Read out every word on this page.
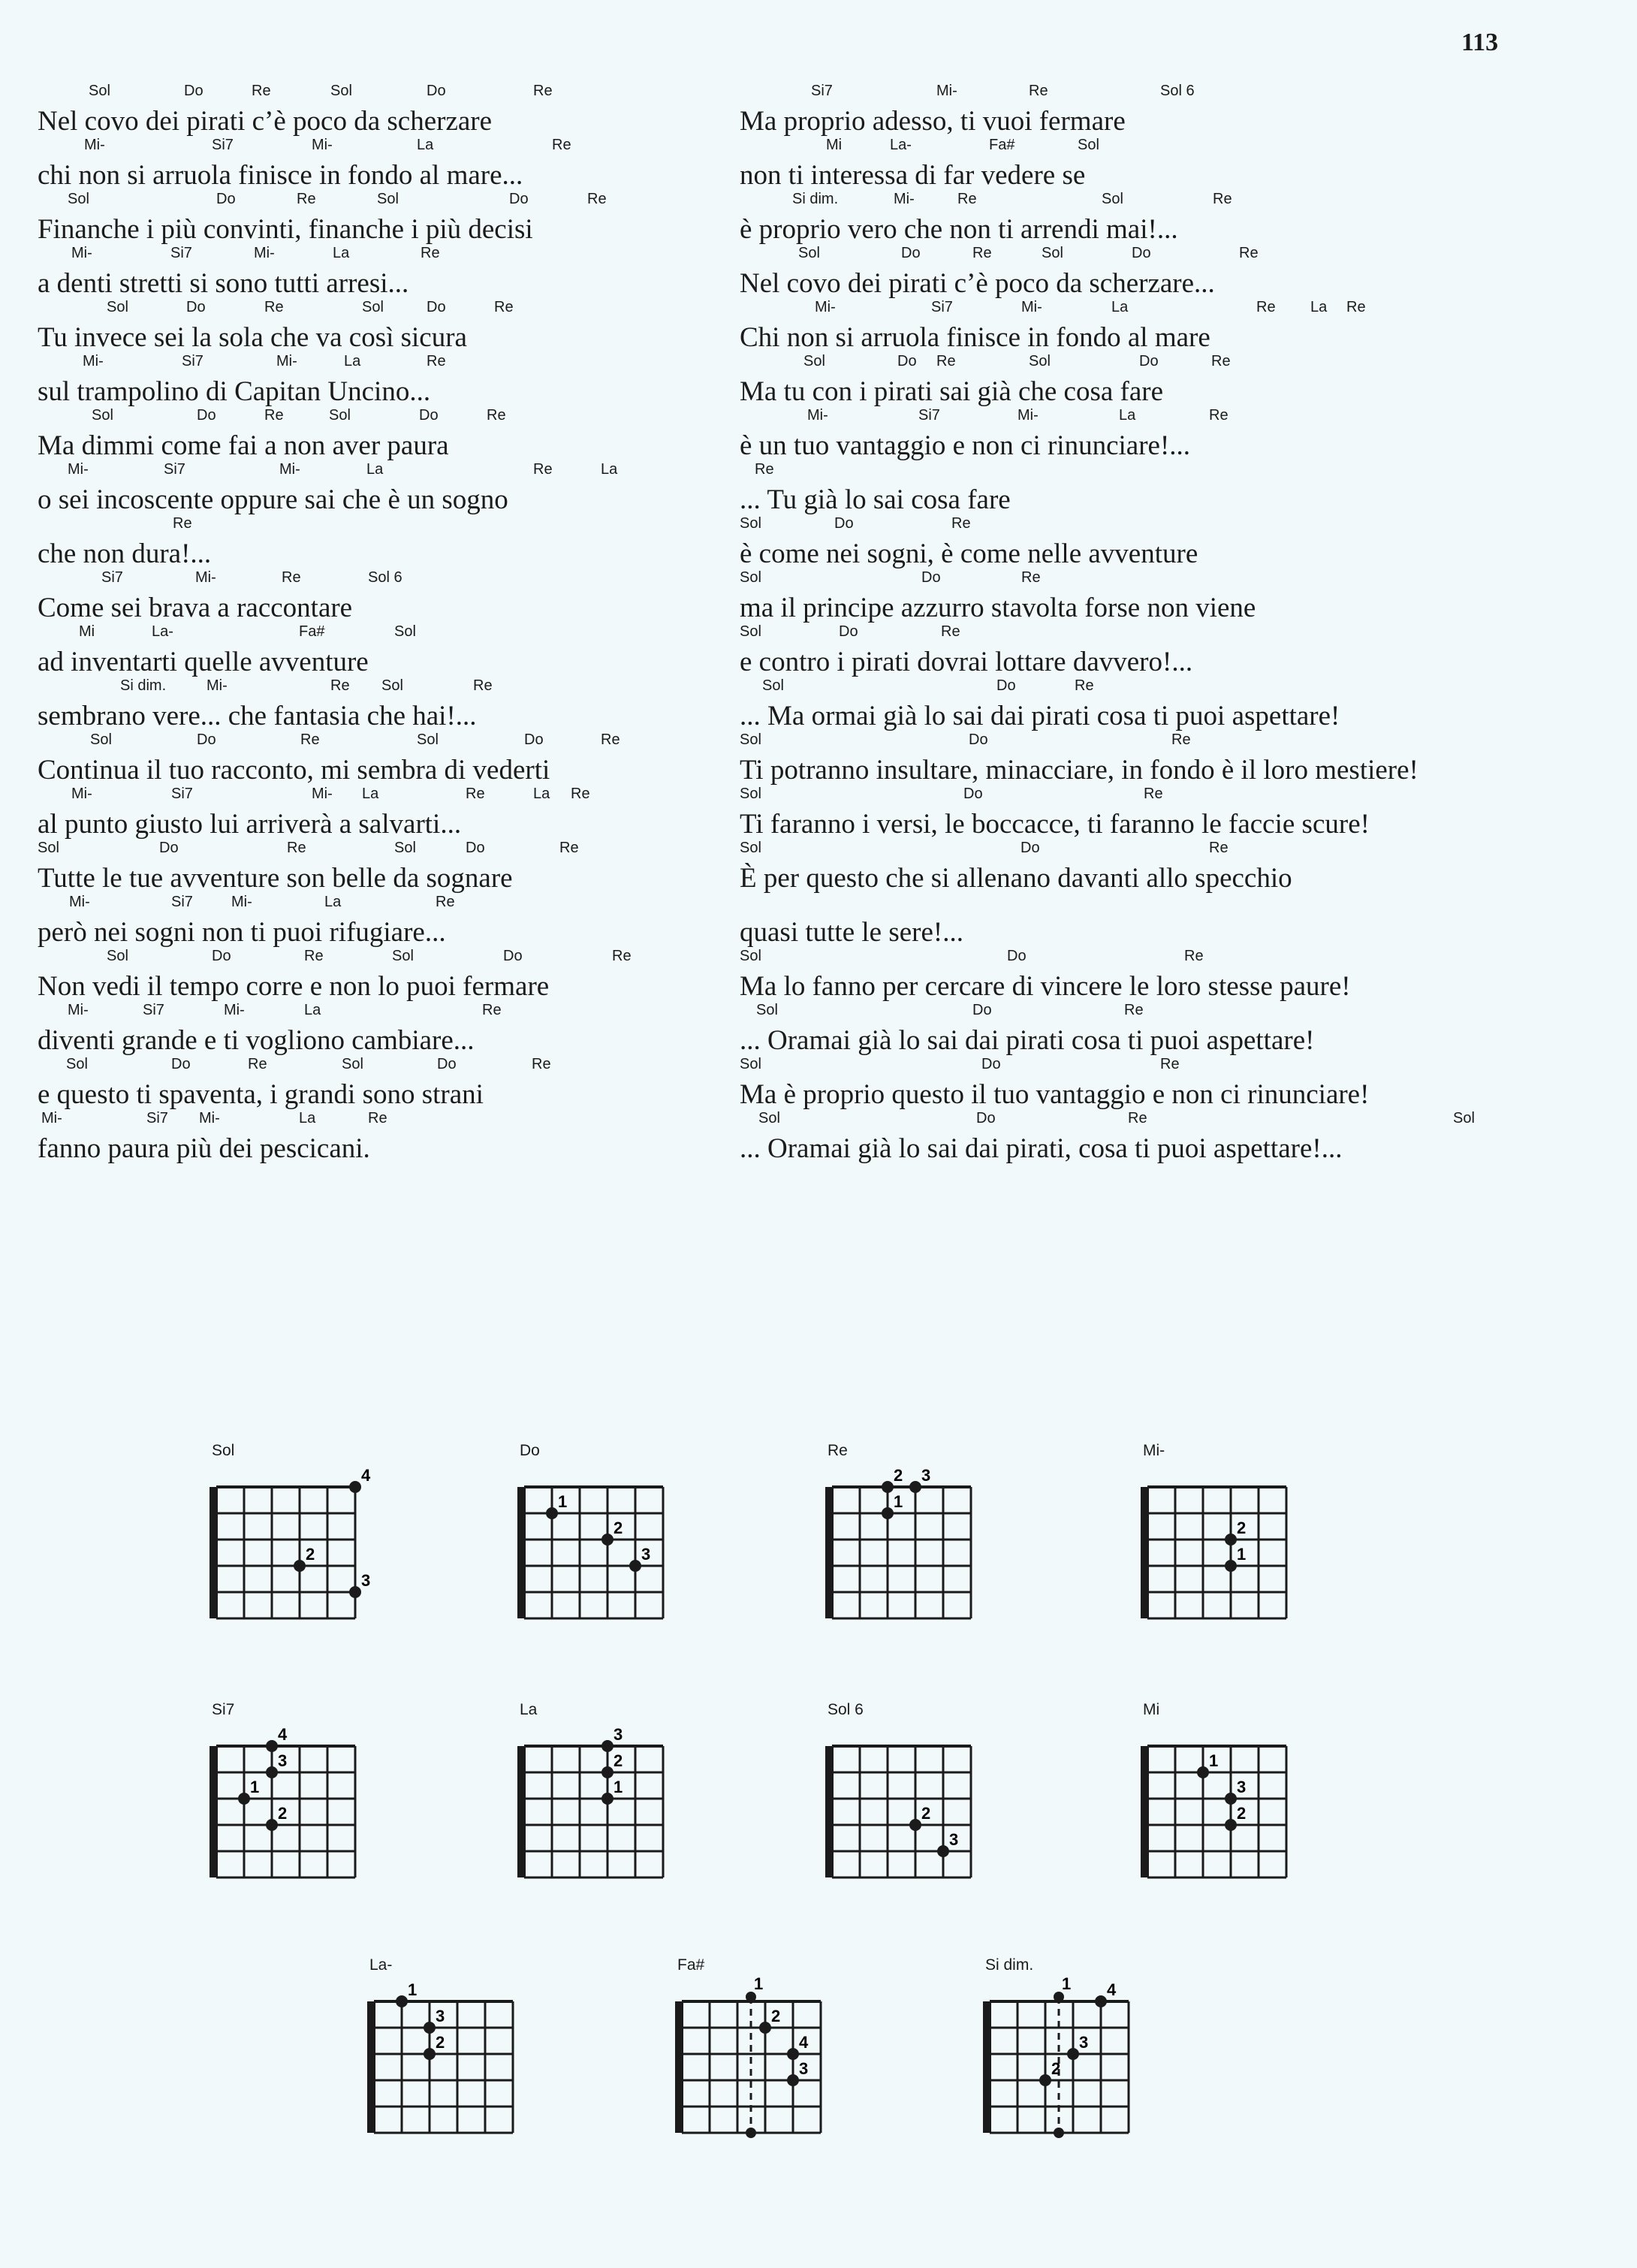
113
Sol	Do	Re	Sol	Do	Re
Nel covo dei pirati c’è poco da scherzare
Mi-	Si7	Mi-	La	Re
chi non si arruola finisce in fondo al mare...
Sol	Do	Re	Sol	Do	Re
Finanche i più convinti, finanche i più decisi
Mi-	Si7	Mi-	La	Re
a denti stretti si sono tutti arresi...
Sol	Do	Re	Sol	Do	Re
Tu invece sei la sola che va così sicura
Mi-	Si7	Mi-	La	Re
sul trampolino di Capitan Uncino...
Sol	Do	Re	Sol	Do	Re
Ma dimmi come fai a non aver paura
Mi-	Si7	Mi-	La	Re	La
o sei incoscente oppure sai che è un sogno
Re
che non dura!...
Si7	Mi-	Re	Sol 6
Come sei brava a raccontare
Mi	La-	Fa#	Sol
ad inventarti quelle avventure
Si dim.	Mi-	Re Sol	Re
sembrano vere... che fantasia che hai!...
Sol	Do	Re	Sol	Do	Re
Continua il tuo racconto, mi sembra di vederti
Mi-	Si7	Mi- La	Re	La Re
al punto giusto lui arriverà a salvarti...
Sol	Do	Re	Sol	Do	Re
Tutte le tue avventure son belle da sognare
Mi-	Si7	Mi-	La	Re
però nei sogni non ti puoi rifugiare...
Sol	Do	Re	Sol	Do	Re
Non vedi il tempo corre e non lo puoi fermare
Mi-	Si7	Mi-	La	Re
diventi grande e ti vogliono cambiare...
Sol	Do	Re	Sol	Do	Re
e questo ti spaventa, i grandi sono strani
Mi-	Si7 Mi-	La	Re
fanno paura più dei pescicani.
Si7	Mi-	Re	Sol 6
Ma proprio adesso, ti vuoi fermare
Mi	La-	Fa#	Sol
non ti interessa di far vedere se
Si dim.	Mi-	Re	Sol	Re
è proprio vero che non ti arrendi mai!...
Sol	Do	Re	Sol	Do	Re
Nel covo dei pirati c’è poco da scherzare...
Mi-	Si7	Mi-	La	Re La Re
Chi non si arruola finisce in fondo al mare
Sol	Do Re	Sol	Do	Re
Ma tu con i pirati sai già che cosa fare
Mi-	Si7	Mi-	La	Re
è un tuo vantaggio e non ci rinunciare!...
Re
... Tu già lo sai cosa fare
Sol	Do	Re
è come nei sogni, è come nelle avventure
Sol	Do	Re
ma il principe azzurro stavolta forse non viene
Sol	Do	Re
e contro i pirati dovrai lottare davvero!...
Sol	Do	Re
... Ma ormai già lo sai dai pirati cosa ti puoi aspettare!
Sol	Do	Re
Ti potranno insultare, minacciare, in fondo è il loro mestiere!
Sol	Do	Re
Ti faranno i versi, le boccacce, ti faranno le faccie scure!
Sol	Do	Re
È per questo che si allenano davanti allo specchio
quasi tutte le sere!...
Sol	Do	Re
Ma lo fanno per cercare di vincere le loro stesse paure!
Sol	Do	Re
... Oramai già lo sai dai pirati cosa ti puoi aspettare!
Sol	Do	Re
Ma è proprio questo il tuo vantaggio e non ci rinunciare!
Sol	Do	Re	Sol
... Oramai già lo sai dai pirati, cosa ti puoi aspettare!...
Sol
4
2
3
Do
1
2
3
Re
2 3
1
Mi-
2
1
Si7
4
3
1
2
La
3
2
1
Sol 6
2
3
Mi
1
3
2
La-
1
3
2
Fa#
1
2
4
3
Si dim.
1 4
3
2
